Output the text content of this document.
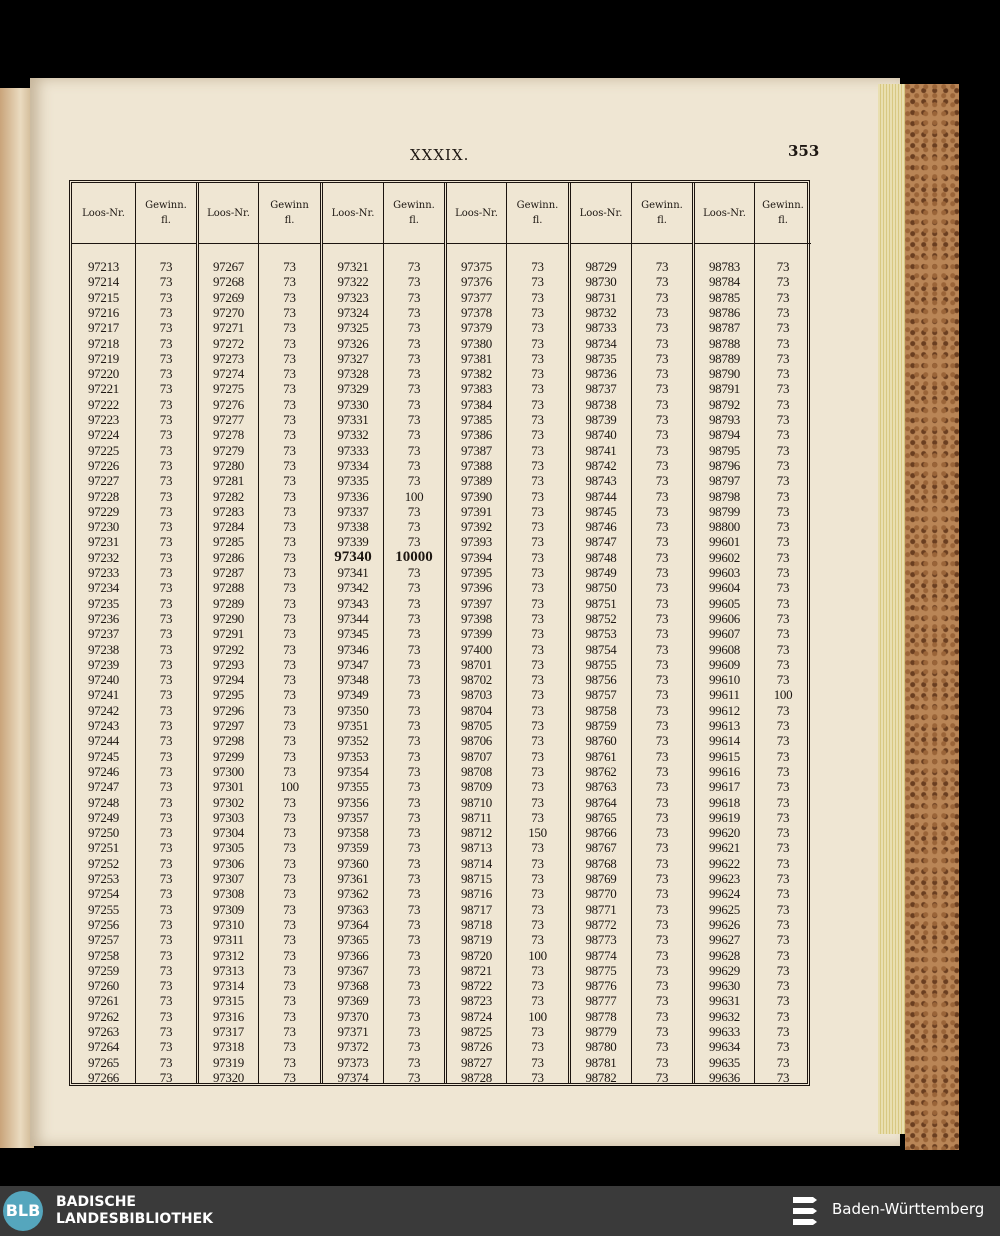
XXXIX.	353
Loos-Nr.
97213
97214
97215
97216
97217
97218
97219
97220
97221
97222
97223
97224
97225
97226
97227
97228
97229
97230
97231
97232
97233
97234
97235
97236
97237
97238
97239
97240
97241
97242
97243
97244
97245
97246
97247
97248
97249
97250
97251
97252
97253
97254
97255
97256
97257
97258
97259
97260
97261
97262
97263
97264
97265
97266
Gewinn.
fl.
73
73
73
73
73
73
73
73
73
73
73
73
73
73
73
73
73
73
73
73
73
73
73
73
73
73
73
73
73
73
73
73
73
73
73
73
73
73
73
73
73
73
73
73
73
73
73
73
73
73
73
73
73
73
Loos-Nr.
97267
97268
97269
97270
97271
97272
97273
97274
97275
97276
97277
97278
97279
97280
97281
97282
97283
97284
97285
97286
97287
97288
97289
97290
97291
97292
97293
97294
97295
97296
97297
97298
97299
97300
97301
97302
97303
97304
97305
97306
97307
97308
97309
97310
97311
97312
97313
97314
97315
97316
97317
97318
97319
97320
Gewinn
fl.
73
73
73
73
73
73
73
73
73
73
73
73
73
73
73
73
73
73
73
73
73
73
73
73
73
73
73
73
73
73
73
73
73
73
100
73
73
73
73
73
73
73
73
73
73
73
73
73
73
73
73
73
73
73
Loos-Nr.
97321
97322
97323
97324
97325
97326
97327
97328
97329
97330
97331
97332
97333
97334
97335
97336
97337
97338
97339
97340
97341
97342
97343
97344
97345
97346
97347
97348
97349
97350
97351
97352
97353
97354
97355
97356
97357
97358
97359
97360
97361
97362
97363
97364
97365
97366
97367
97368
97369
97370
97371
97372
97373
97374
Gewinn.
fl.
73
73
73
73
73
73
73
73
73
73
73
73
73
73
73
100
73
73
73
10000
73
73
73
73
73
73
73
73
73
73
73
73
73
73
73
73
73
73
73
73
73
73
73
73
73
73
73
73
73
73
73
73
73
73
Loos-Nr.
97375
97376
97377
97378
97379
97380
97381
97382
97383
97384
97385
97386
97387
97388
97389
97390
97391
97392
97393
97394
97395
97396
97397
97398
97399
97400
98701
98702
98703
98704
98705
98706
98707
98708
98709
98710
98711
98712
98713
98714
98715
98716
98717
98718
98719
98720
98721
98722
98723
98724
98725
98726
98727
98728
Gewinn.
fl.
73
73
73
73
73
73
73
73
73
73
73
73
73
73
73
73
73
73
73
73
73
73
73
73
73
73
73
73
73
73
73
73
73
73
73
73
73
150
73
73
73
73
73
73
73
100
73
73
73
100
73
73
73
73
Loos-Nr.
98729
98730
98731
98732
98733
98734
98735
98736
98737
98738
98739
98740
98741
98742
98743
98744
98745
98746
98747
98748
98749
98750
98751
98752
98753
98754
98755
98756
98757
98758
98759
98760
98761
98762
98763
98764
98765
98766
98767
98768
98769
98770
98771
98772
98773
98774
98775
98776
98777
98778
98779
98780
98781
98782
Gewinn.
fl.
73
73
73
73
73
73
73
73
73
73
73
73
73
73
73
73
73
73
73
73
73
73
73
73
73
73
73
73
73
73
73
73
73
73
73
73
73
73
73
73
73
73
73
73
73
73
73
73
73
73
73
73
73
73
Loos-Nr.
98783
98784
98785
98786
98787
98788
98789
98790
98791
98792
98793
98794
98795
98796
98797
98798
98799
98800
99601
99602
99603
99604
99605
99606
99607
99608
99609
99610
99611
99612
99613
99614
99615
99616
99617
99618
99619
99620
99621
99622
99623
99624
99625
99626
99627
99628
99629
99630
99631
99632
99633
99634
99635
99636
Gewinn.
fl.
73
73
73
73
73
73
73
73
73
73
73
73
73
73
73
73
73
73
73
73
73
73
73
73
73
73
73
73
100
73
73
73
73
73
73
73
73
73
73
73
73
73
73
73
73
73
73
73
73
73
73
73
73
73
BLB BADISCHE
LANDESBIBLIOTHEK
Baden-Württemberg
